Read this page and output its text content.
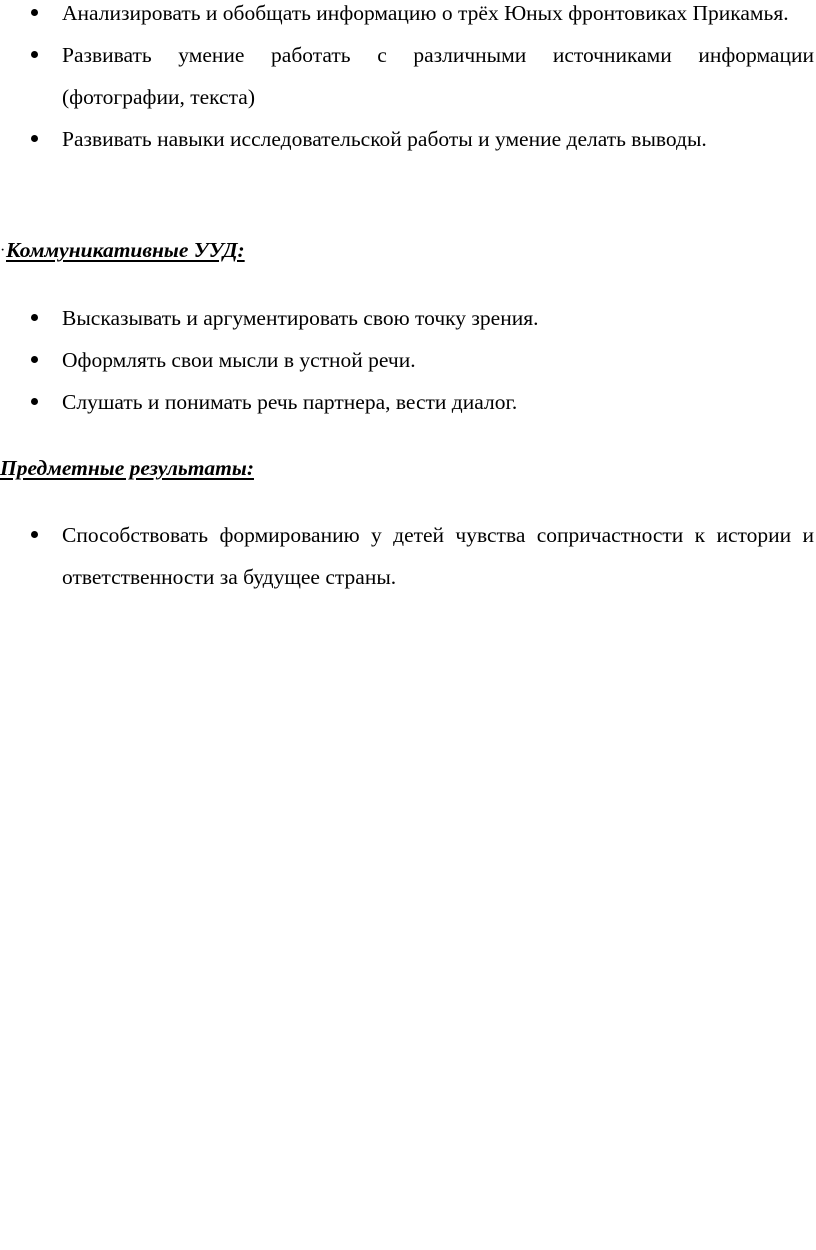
Анализировать и обобщать информацию о трёх Юных фронтовиках Прикамья.
Развивать умение работать с различными источниками информации (фотографии, текста)
Развивать навыки исследовательской работы и умение делать выводы.
·Коммуникативные УУД:
Высказывать и аргументировать свою точку зрения.
Оформлять свои мысли в устной речи.
Слушать и понимать речь партнера, вести диалог.
Предметные результаты:
Способствовать формированию у детей чувства сопричастности к истории и ответственности за будущее страны.
